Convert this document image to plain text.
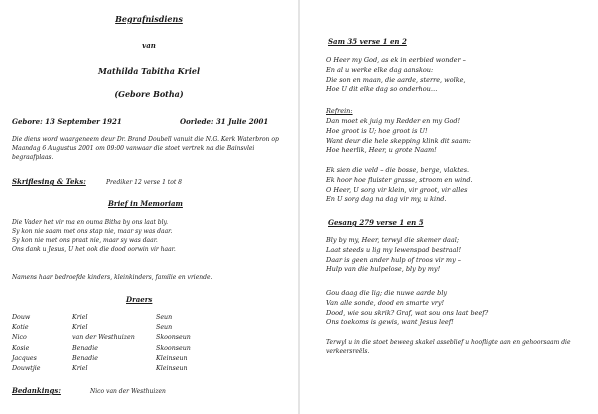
Begrafnisdiens
van
Mathilda Tabitha Kriel
(Gebore Botha)
Gebore: 13 September 1921	Oorlede: 31 Julie 2001
Die diens word waargeneem deur Dr. Brand Doubell vanuit die N.G. Kerk Waterbron op
Maandag 6 Augustus 2001 om 09:00 vanwaar die stoet vertrek na die Bainsvlei
begraafplaas.
Skriflesing & Teks:	Prediker 12 verse 1 tot 8
Brief in Memoriam
Die Vader het vir ma en ouma Bitha by ons laat bly.
Sy kon nie saam met ons stap nie, maar sy was daar.
Sy kon nie met ons praat nie, maar sy was daar.
Ons dank u Jesus, U het ook die dood oorwin vir haar.
Namens haar bedroefde kinders, kleinkinders, familie en vriende.
Draers
Douw	Kriel	Seun
Kotie	Kriel	Seun
Nico	van der Westhuizen	Skoonseun
Kosie	Benadie	Skoonseun
Jacques	Benadie	Kleinseun
Douwtjie	Kriel	Kleinseun
Bedankings:	Nico van der Westhuizen
Sam 35 verse 1 en 2
O Heer my God, as ek in eerbied wonder –
En al u werke elke dag aanskou:
Die son en maan, die aarde, sterre, wolke,
Hoe U dit elke dag so onderhou…
Refrein:
Dan moet ek juig my Redder en my God!
Hoe groot is U; hoe groot is U!
Want deur die hele skepping klink dit saam:
Hoe heerlik, Heer, u grote Naam!
Ek sien die veld – die bosse, berge, vlaktes.
Ek hoor hoe fluister grasse, stroom en wind.
O Heer, U sorg vir klein, vir groot, vir alles
En U sorg dag na dag vir my, u kind.
Gesang 279 verse 1 en 5
Bly by my, Heer, terwyl die skemer daal;
Laat steeds u lig my lewenspad bestraal!
Daar is geen ander hulp of troos vir my –
Hulp van die hulpelose, bly by my!
Gou daag die lig; die nuwe aarde bly
Van alle sonde, dood en smarte vry!
Dood, wie sou skrik? Graf, wat sou ons laat beef?
Ons toekoms is gewis, want Jesus leef!
Terwyl u in die stoet beweeg skakel asseblief u hoofligte aan en gehoorsaam die
verkeersreëls.
